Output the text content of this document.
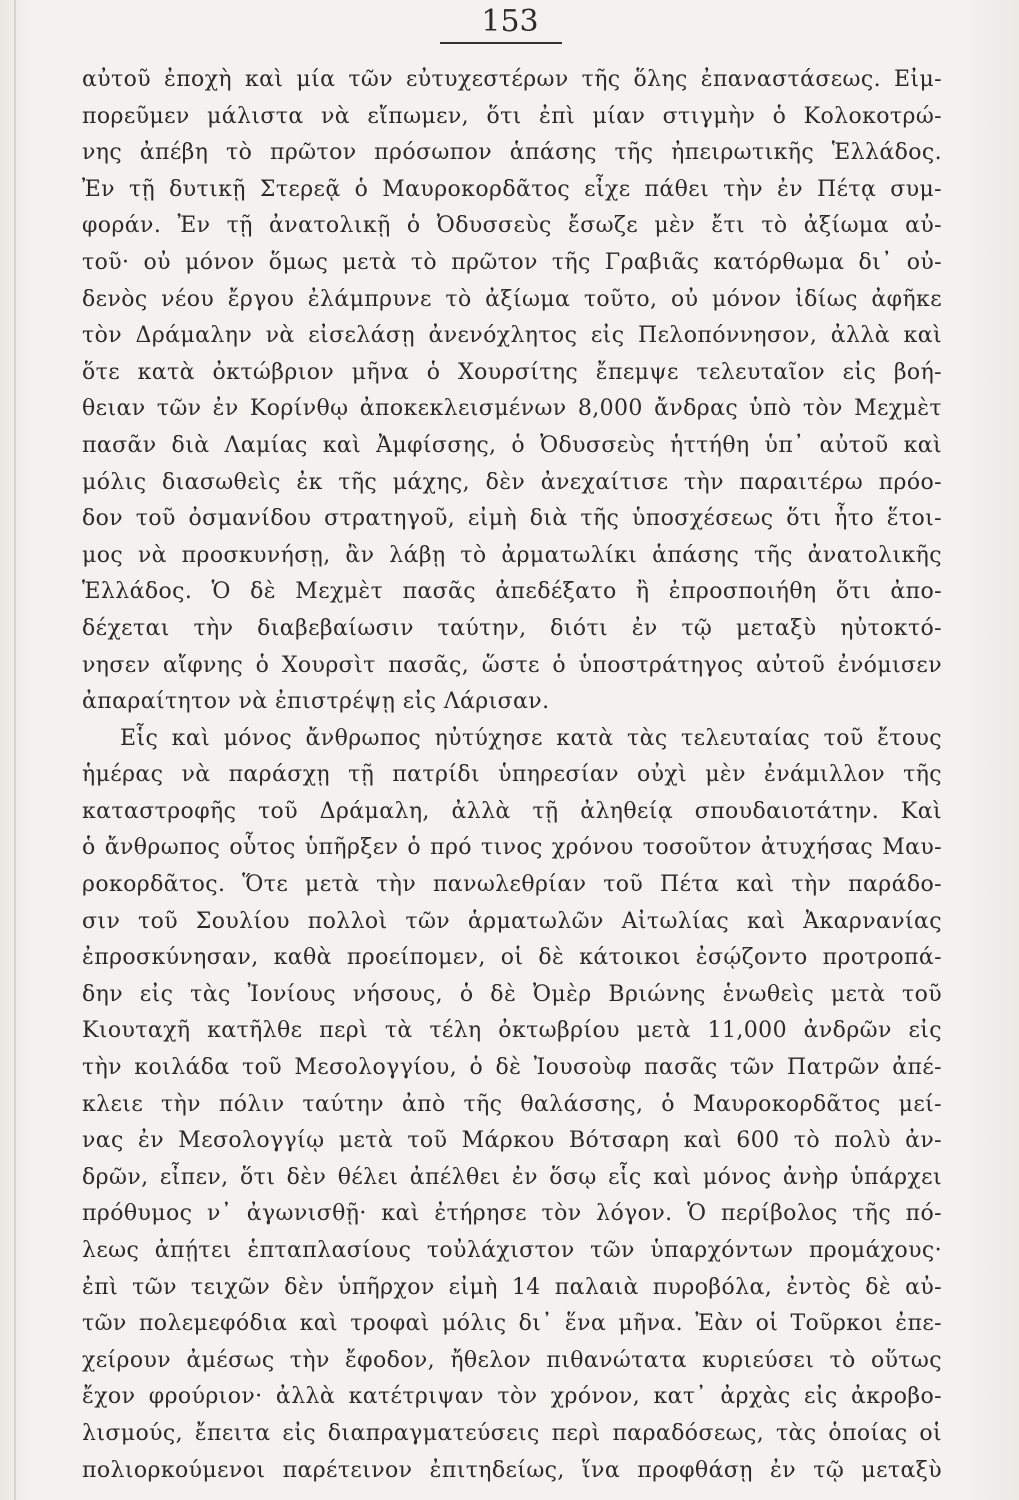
153
αὐτοῦ ἐποχὴ καὶ μία τῶν εὐτυχεστέρων τῆς ὅλης ἐπαναστάσεως. Εἰμ-
πορεῦμεν μάλιστα νὰ εἴπωμεν, ὅτι ἐπὶ μίαν στιγμὴν ὁ Κολοκοτρώ-
νης ἀπέβη τὸ πρῶτον πρόσωπον ἁπάσης τῆς ἠπειρωτικῆς Ἑλλάδος.
Ἐν τῇ δυτικῇ Στερεᾷ ὁ Μαυροκορδᾶτος εἶχε πάθει τὴν ἐν Πέτᾳ συμ-
φοράν. Ἐν τῇ ἀνατολικῇ ὁ Ὀδυσσεὺς ἔσωζε μὲν ἔτι τὸ ἀξίωμα αὐ-
τοῦ· οὐ μόνον ὅμως μετὰ τὸ πρῶτον τῆς Γραβιᾶς κατόρθωμα δι᾽ οὐ-
δενὸς νέου ἔργου ἐλάμπρυνε τὸ ἀξίωμα τοῦτο, οὐ μόνον ἰδίως ἀφῆκε
τὸν Δράμαλην νὰ εἰσελάσῃ ἀνενόχλητος εἰς Πελοπόννησον, ἀλλὰ καὶ
ὅτε κατὰ ὀκτώβριον μῆνα ὁ Χουρσίτης ἔπεμψε τελευταῖον εἰς βοή-
θειαν τῶν ἐν Κορίνθῳ ἀποκεκλεισμένων 8,000 ἄνδρας ὑπὸ τὸν Μεχμὲτ
πασᾶν διὰ Λαμίας καὶ Ἀμφίσσης, ὁ Ὀδυσσεὺς ἡττήθη ὑπ᾽ αὐτοῦ καὶ
μόλις διασωθεὶς ἐκ τῆς μάχης, δὲν ἀνεχαίτισε τὴν παραιτέρω πρόο-
δον τοῦ ὀσμανίδου στρατηγοῦ, εἰμὴ διὰ τῆς ὑποσχέσεως ὅτι ἦτο ἕτοι-
μος νὰ προσκυνήσῃ, ἂν λάβῃ τὸ ἀρματωλίκι ἁπάσης τῆς ἀνατολικῆς
Ἑλλάδος. Ὁ δὲ Μεχμὲτ πασᾶς ἀπεδέξατο ἢ ἐπροσποιήθη ὅτι ἀπο-
δέχεται τὴν διαβεβαίωσιν ταύτην, διότι ἐν τῷ μεταξὺ ηὐτοκτό-
νησεν αἴφνης ὁ Χουρσὶτ πασᾶς, ὥστε ὁ ὑποστράτηγος αὐτοῦ ἐνόμισεν
ἀπαραίτητον νὰ ἐπιστρέψῃ εἰς Λάρισαν.
Εἷς καὶ μόνος ἄνθρωπος ηὐτύχησε κατὰ τὰς τελευταίας τοῦ ἔτους
ἡμέρας νὰ παράσχῃ τῇ πατρίδι ὑπηρεσίαν οὐχὶ μὲν ἐνάμιλλον τῆς
καταστροφῆς τοῦ Δράμαλη, ἀλλὰ τῇ ἀληθείᾳ σπουδαιοτάτην. Καὶ
ὁ ἄνθρωπος οὗτος ὑπῆρξεν ὁ πρό τινος χρόνου τοσοῦτον ἀτυχήσας Μαυ-
ροκορδᾶτος. Ὅτε μετὰ τὴν πανωλεθρίαν τοῦ Πέτα καὶ τὴν παράδο-
σιν τοῦ Σουλίου πολλοὶ τῶν ἁρματωλῶν Αἰτωλίας καὶ Ἀκαρνανίας
ἐπροσκύνησαν, καθὰ προείπομεν, οἱ δὲ κάτοικοι ἐσῴζοντο προτροπά-
δην εἰς τὰς Ἰονίους νήσους, ὁ δὲ Ὀμὲρ Βριώνης ἑνωθεὶς μετὰ τοῦ
Κιουταχῆ κατῆλθε περὶ τὰ τέλη ὀκτωβρίου μετὰ 11,000 ἀνδρῶν εἰς
τὴν κοιλάδα τοῦ Μεσολογγίου, ὁ δὲ Ἰουσοὺφ πασᾶς τῶν Πατρῶν ἀπέ-
κλειε τὴν πόλιν ταύτην ἀπὸ τῆς θαλάσσης, ὁ Μαυροκορδᾶτος μεί-
νας ἐν Μεσολογγίῳ μετὰ τοῦ Μάρκου Βότσαρη καὶ 600 τὸ πολὺ ἀν-
δρῶν, εἶπεν, ὅτι δὲν θέλει ἀπέλθει ἐν ὅσῳ εἷς καὶ μόνος ἀνὴρ ὑπάρχει
πρόθυμος ν᾽ ἀγωνισθῇ· καὶ ἐτήρησε τὸν λόγον. Ὁ περίβολος τῆς πό-
λεως ἀπῄτει ἑπταπλασίους τοὐλάχιστον τῶν ὑπαρχόντων προμάχους·
ἐπὶ τῶν τειχῶν δὲν ὑπῆρχον εἰμὴ 14 παλαιὰ πυροβόλα, ἐντὸς δὲ αὐ-
τῶν πολεμεφόδια καὶ τροφαὶ μόλις δι᾽ ἕνα μῆνα. Ἐὰν οἱ Τοῦρκοι ἐπε-
χείρουν ἀμέσως τὴν ἔφοδον, ἤθελον πιθανώτατα κυριεύσει τὸ οὕτως
ἔχον φρούριον· ἀλλὰ κατέτριψαν τὸν χρόνον, κατ᾽ ἀρχὰς εἰς ἀκροβο-
λισμούς, ἔπειτα εἰς διαπραγματεύσεις περὶ παραδόσεως, τὰς ὁποίας οἱ
πολιορκούμενοι παρέτεινον ἐπιτηδείως, ἵνα προφθάσῃ ἐν τῷ μεταξὺ
